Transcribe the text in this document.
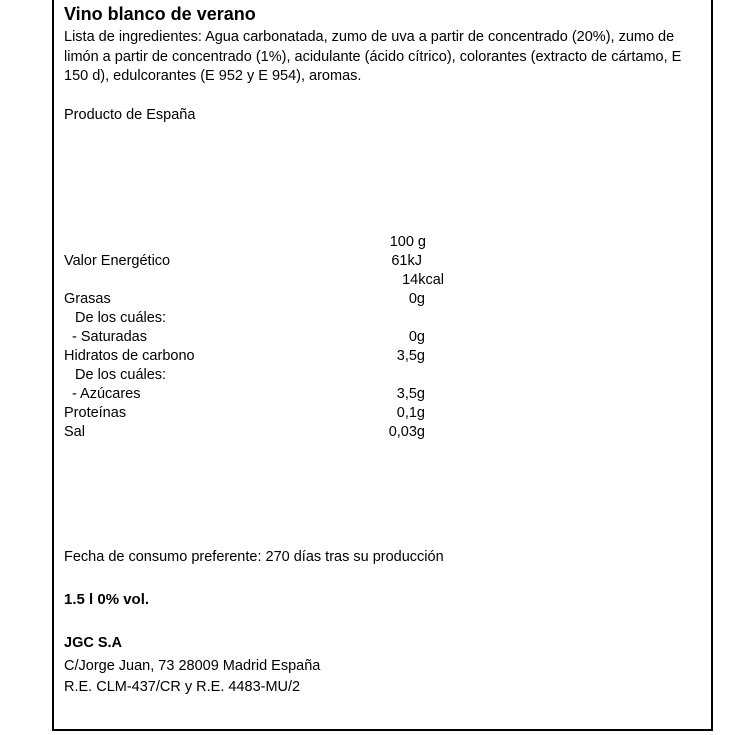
Vino blanco de verano
Lista de ingredientes: Agua carbonatada, zumo de uva a partir de concentrado (20%), zumo de limón a partir de concentrado (1%), acidulante (ácido cítrico), colorantes (extracto de cártamo, E 150 d), edulcorantes (E 952 y E 954), aromas.
Producto de España
100 g
Valor Energético	61kJ
14kcal
Grasas	0g
De los cuáles:
- Saturadas	0g
Hidratos de carbono	3,5g
De los cuáles:
- Azúcares	3,5g
Proteínas	0,1g
Sal	0,03g
Fecha de consumo preferente: 270 días tras su producción
1.5 l 0% vol.
JGC S.A
C/Jorge Juan, 73 28009 Madrid España
R.E. CLM-437/CR y R.E. 4483-MU/2
